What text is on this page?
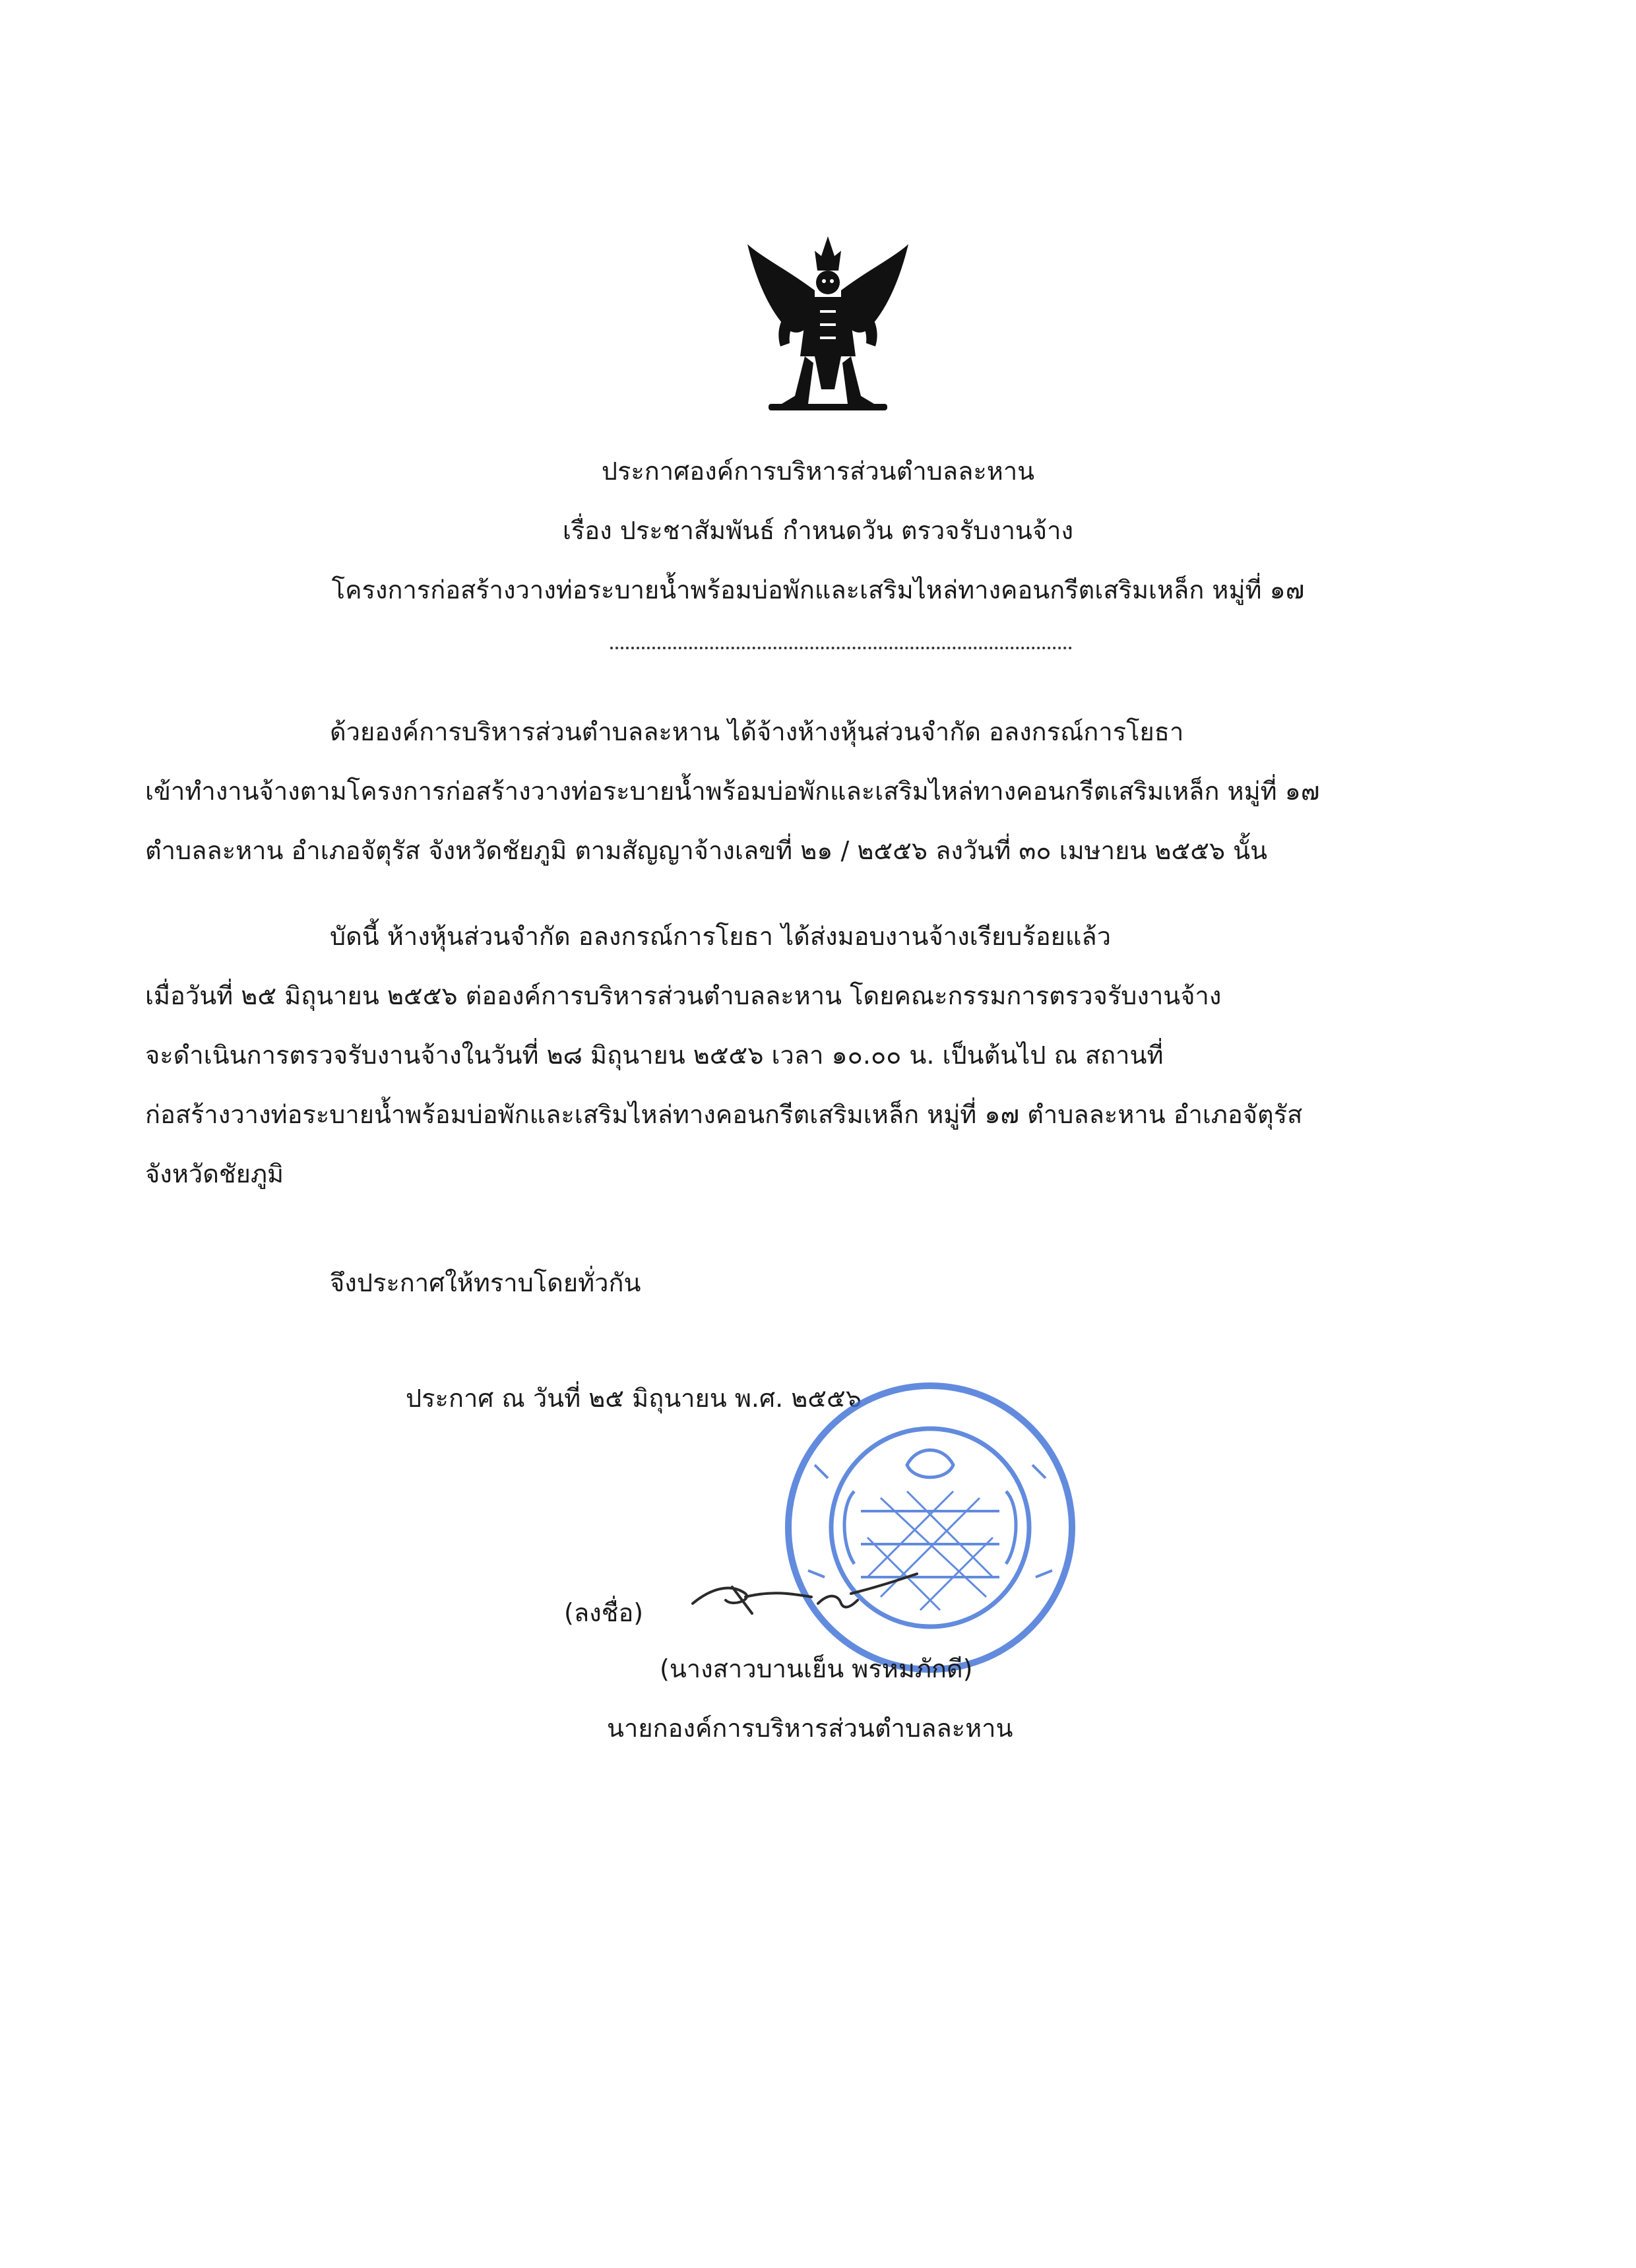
ประกาศองค์การบริหารส่วนตำบลละหาน
เรื่อง ประชาสัมพันธ์ กำหนดวัน ตรวจรับงานจ้าง
โครงการก่อสร้างวางท่อระบายน้ำพร้อมบ่อพักและเสริมไหล่ทางคอนกรีตเสริมเหล็ก หมู่ที่ ๑๗
ด้วยองค์การบริหารส่วนตำบลละหาน ได้จ้างห้างหุ้นส่วนจำกัด อลงกรณ์การโยธา
เข้าทำงานจ้างตามโครงการก่อสร้างวางท่อระบายน้ำพร้อมบ่อพักและเสริมไหล่ทางคอนกรีตเสริมเหล็ก หมู่ที่ ๑๗
ตำบลละหาน อำเภอจัตุรัส จังหวัดชัยภูมิ ตามสัญญาจ้างเลขที่ ๒๑ / ๒๕๕๖ ลงวันที่ ๓๐ เมษายน ๒๕๕๖ นั้น
บัดนี้ ห้างหุ้นส่วนจำกัด อลงกรณ์การโยธา ได้ส่งมอบงานจ้างเรียบร้อยแล้ว
เมื่อวันที่ ๒๕ มิถุนายน ๒๕๕๖ ต่อองค์การบริหารส่วนตำบลละหาน โดยคณะกรรมการตรวจรับงานจ้าง
จะดำเนินการตรวจรับงานจ้างในวันที่ ๒๘ มิถุนายน ๒๕๕๖ เวลา ๑๐.๐๐ น. เป็นต้นไป ณ สถานที่
ก่อสร้างวางท่อระบายน้ำพร้อมบ่อพักและเสริมไหล่ทางคอนกรีตเสริมเหล็ก หมู่ที่ ๑๗ ตำบลละหาน อำเภอจัตุรัส
จังหวัดชัยภูมิ
จึงประกาศให้ทราบโดยทั่วกัน
ประกาศ ณ วันที่ ๒๕ มิถุนายน พ.ศ. ๒๕๕๖
(ลงชื่อ)
(นางสาวบานเย็น พรหมภักดี)
นายกองค์การบริหารส่วนตำบลละหาน
